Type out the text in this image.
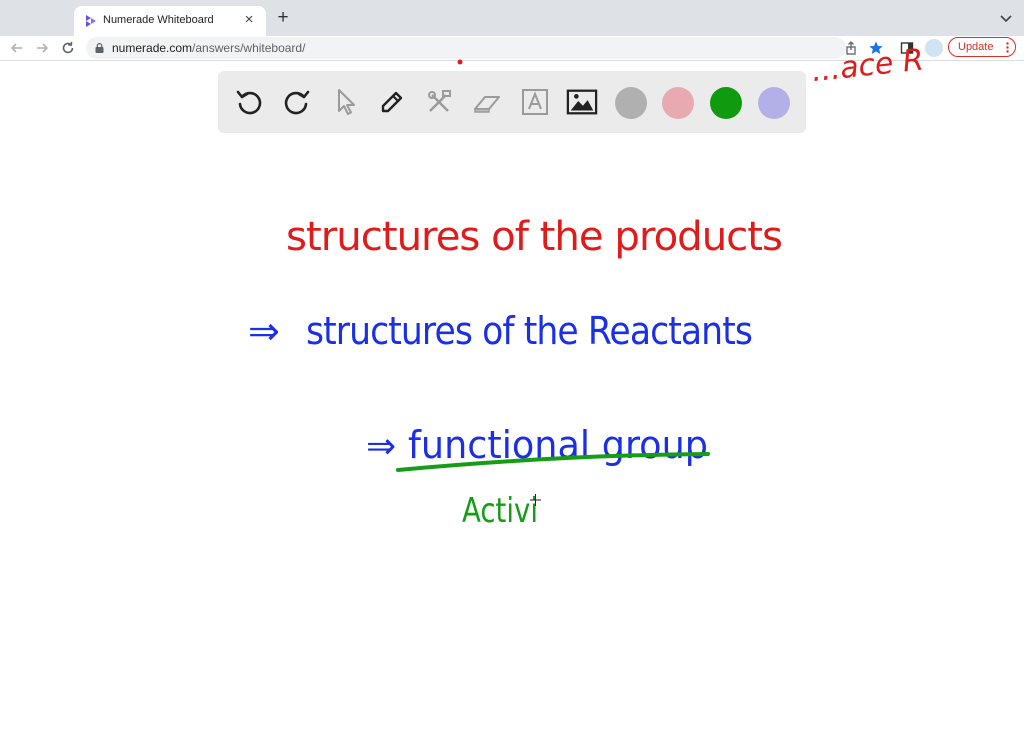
Numerade Whiteboard	× +
numerade.com/answers/whiteboard/	Update
...ace R
structures of the products
⇒ structures of the Reactants
⇒ functional group
Activi
